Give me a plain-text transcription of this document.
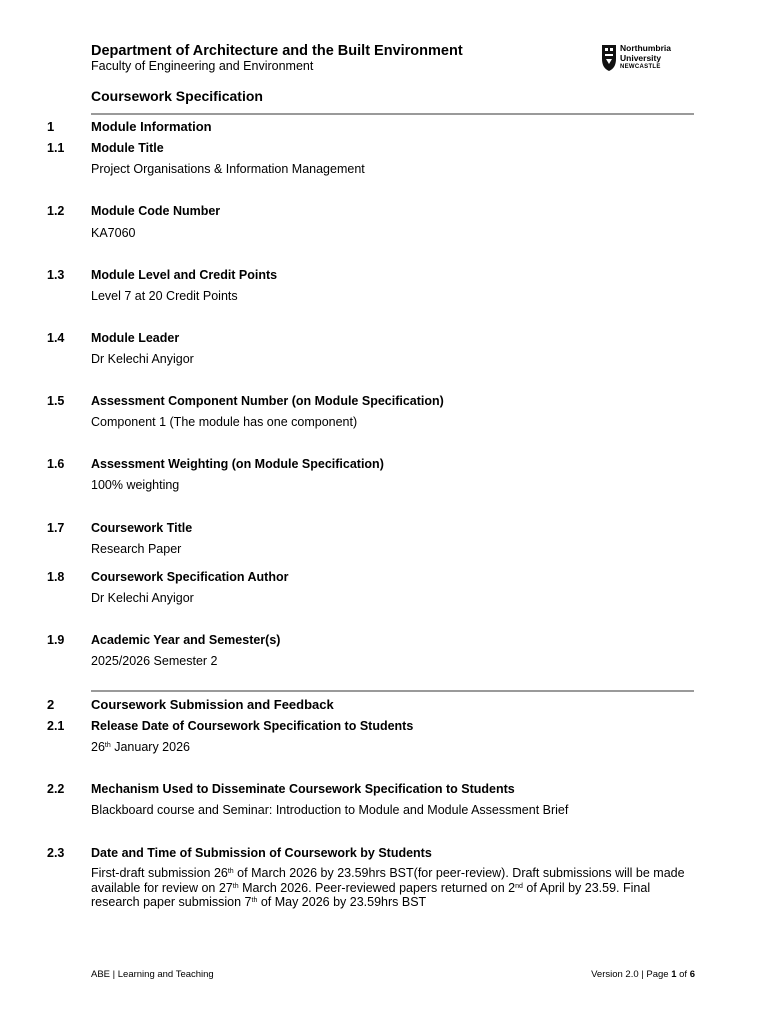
Department of Architecture and the Built Environment
Faculty of Engineering and Environment
Northumbria
University
NEWCASTLE
Coursework Specification
1	Module Information
1.1 Module Title
Project Organisations & Information Management
1.2 Module Code Number
KA7060
1.3 Module Level and Credit Points
Level 7 at 20 Credit Points
1.4 Module Leader
Dr Kelechi Anyigor
1.5 Assessment Component Number (on Module Specification)
Component 1 (The module has one component)
1.6 Assessment Weighting (on Module Specification)
100% weighting
1.7 Coursework Title
Research Paper
1.8 Coursework Specification Author
Dr Kelechi Anyigor
1.9 Academic Year and Semester(s)
2025/2026 Semester 2
2	Coursework Submission and Feedback
2.1 Release Date of Coursework Specification to Students
26th January 2026
2.2 Mechanism Used to Disseminate Coursework Specification to Students
Blackboard course and Seminar: Introduction to Module and Module Assessment Brief
2.3 Date and Time of Submission of Coursework by Students
First-draft submission 26th of March 2026 by 23.59hrs BST(for peer-review). Draft submissions will be made available for review on 27th March 2026. Peer-reviewed papers returned on 2nd of April by 23.59. Final research paper submission 7th of May 2026 by 23.59hrs BST
ABE | Learning and Teaching	Version 2.0 | Page 1 of 6
